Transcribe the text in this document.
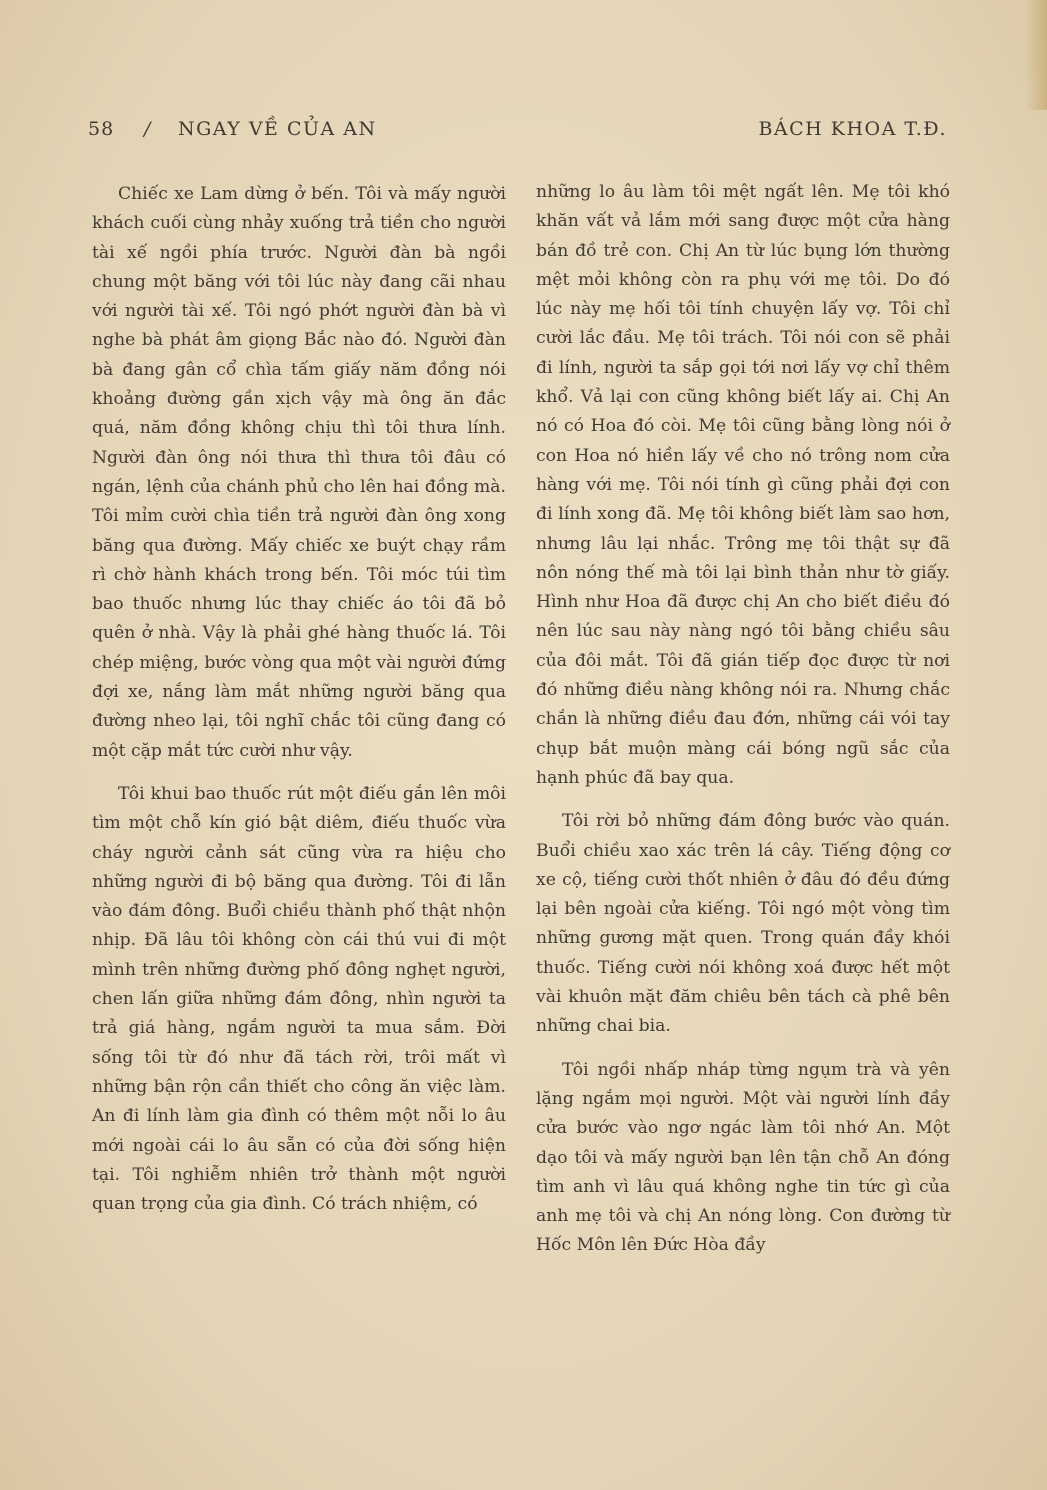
58 / NGAY VỀ CỦA AN	BÁCH KHOA T.Đ.

Chiếc xe Lam dừng ở bến. Tôi và mấy người khách cuối cùng nhảy xuống trả tiền cho người tài xế ngồi phía trước. Người đàn bà ngồi chung một băng với tôi lúc này đang cãi nhau với người tài xế. Tôi ngó phớt người đàn bà vì nghe bà phát âm giọng Bắc nào đó. Người đàn bà đang gân cổ chìa tấm giấy năm đồng nói khoảng đường gần xịch vậy mà ông ăn đắc quá, năm đồng không chịu thì tôi thưa lính. Người đàn ông nói thưa thì thưa tôi đâu có ngán, lệnh của chánh phủ cho lên hai đồng mà. Tôi mỉm cười chìa tiền trả người đàn ông xong băng qua đường. Mấy chiếc xe buýt chạy rầm rì chờ hành khách trong bến. Tôi móc túi tìm bao thuốc nhưng lúc thay chiếc áo tôi đã bỏ quên ở nhà. Vậy là phải ghé hàng thuốc lá. Tôi chép miệng, bước vòng qua một vài người đứng đợi xe, nắng làm mắt những người băng qua đường nheo lại, tôi nghĩ chắc tôi cũng đang có một cặp mắt tức cười như vậy.

Tôi khui bao thuốc rút một điếu gắn lên môi tìm một chỗ kín gió bật diêm, điếu thuốc vừa cháy người cảnh sát cũng vừa ra hiệu cho những người đi bộ băng qua đường. Tôi đi lẫn vào đám đông. Buổi chiều thành phố thật nhộn nhịp. Đã lâu tôi không còn cái thú vui đi một mình trên những đường phố đông nghẹt người, chen lấn giữa những đám đông, nhìn người ta trả giá hàng, ngắm người ta mua sắm. Đời sống tôi từ đó như đã tách rời, trôi mất vì những bận rộn cần thiết cho công ăn việc làm. An đi lính làm gia đình có thêm một nỗi lo âu mới ngoài cái lo âu sẵn có của đời sống hiện tại. Tôi nghiễm nhiên trở thành một người quan trọng của gia đình. Có trách nhiệm, có

những lo âu làm tôi mệt ngất lên. Mẹ tôi khó khăn vất vả lắm mới sang được một cửa hàng bán đồ trẻ con. Chị An từ lúc bụng lớn thường mệt mỏi không còn ra phụ với mẹ tôi. Do đó lúc này mẹ hối tôi tính chuyện lấy vợ. Tôi chỉ cười lắc đầu. Mẹ tôi trách. Tôi nói con sẽ phải đi lính, người ta sắp gọi tới nơi lấy vợ chỉ thêm khổ. Vả lại con cũng không biết lấy ai. Chị An nó có Hoa đó còi. Mẹ tôi cũng bằng lòng nói ở con Hoa nó hiền lấy về cho nó trông nom cửa hàng với mẹ. Tôi nói tính gì cũng phải đợi con đi lính xong đã. Mẹ tôi không biết làm sao hơn, nhưng lâu lại nhắc. Trông mẹ tôi thật sự đã nôn nóng thế mà tôi lại bình thản như tờ giấy. Hình như Hoa đã được chị An cho biết điều đó nên lúc sau này nàng ngó tôi bằng chiều sâu của đôi mắt. Tôi đã gián tiếp đọc được từ nơi đó những điều nàng không nói ra. Nhưng chắc chắn là những điều đau đớn, những cái vói tay chụp bắt muộn màng cái bóng ngũ sắc của hạnh phúc đã bay qua.

Tôi rời bỏ những đám đông bước vào quán. Buổi chiều xao xác trên lá cây. Tiếng động cơ xe cộ, tiếng cười thốt nhiên ở đâu đó đều đứng lại bên ngoài cửa kiếng. Tôi ngó một vòng tìm những gương mặt quen. Trong quán đầy khói thuốc. Tiếng cười nói không xoá được hết một vài khuôn mặt đăm chiêu bên tách cà phê bên những chai bia.

Tôi ngồi nhấp nháp từng ngụm trà và yên lặng ngắm mọi người. Một vài người lính đầy cửa bước vào ngơ ngác làm tôi nhớ An. Một dạo tôi và mấy người bạn lên tận chỗ An đóng tìm anh vì lâu quá không nghe tin tức gì của anh mẹ tôi và chị An nóng lòng. Con đường từ Hốc Môn lên Đức Hòa đầy
